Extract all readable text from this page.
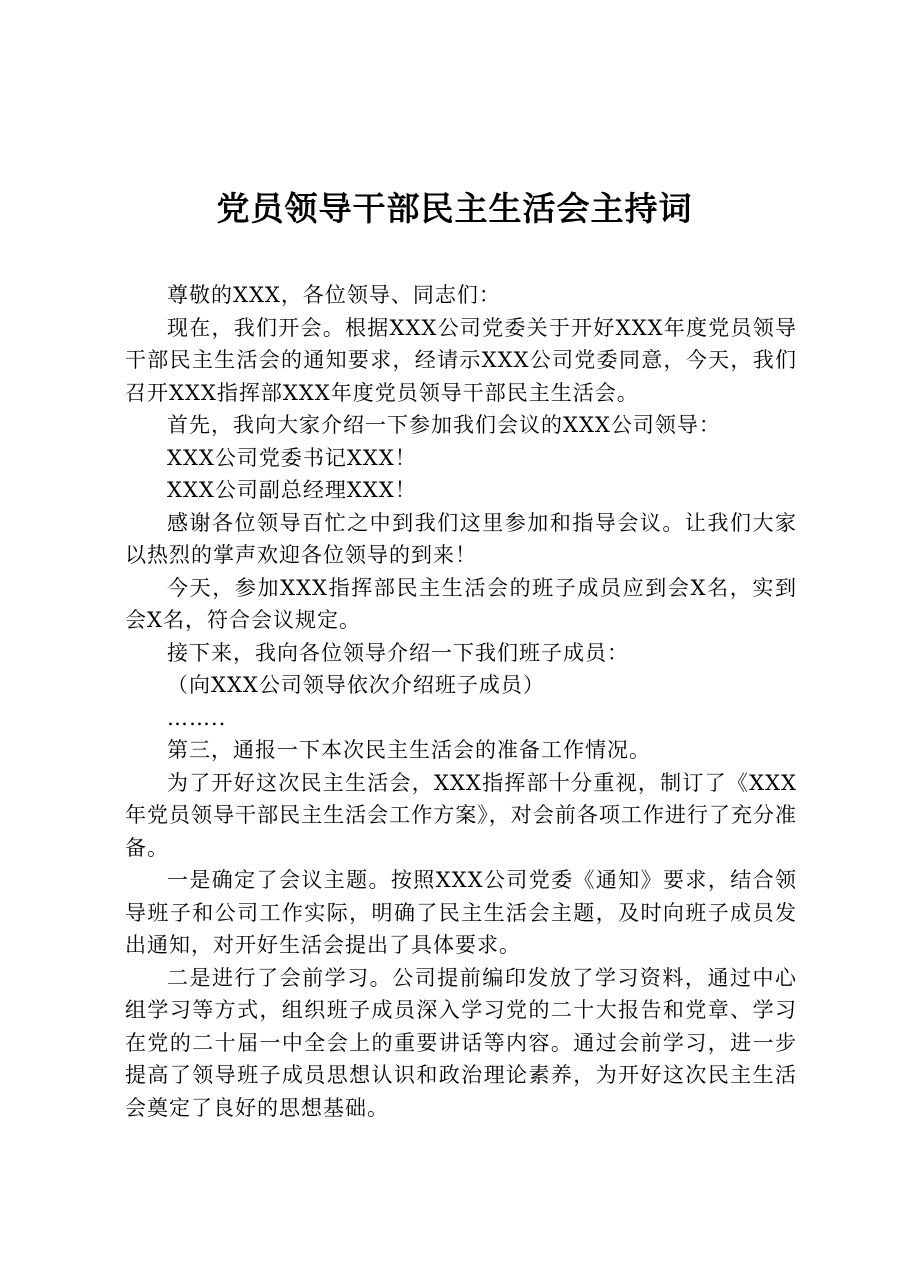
党员领导干部民主生活会主持词

尊敬的XXX，各位领导、同志们：

现在，我们开会。根据XXX公司党委关于开好XXX年度党员领导干部民主生活会的通知要求，经请示XXX公司党委同意，今天，我们召开XXX指挥部XXX年度党员领导干部民主生活会。

首先，我向大家介绍一下参加我们会议的XXX公司领导：

XXX公司党委书记XXX！

XXX公司副总经理XXX！

感谢各位领导百忙之中到我们这里参加和指导会议。让我们大家以热烈的掌声欢迎各位领导的到来！

今天，参加XXX指挥部民主生活会的班子成员应到会X名，实到会X名，符合会议规定。

接下来，我向各位领导介绍一下我们班子成员：

（向XXX公司领导依次介绍班子成员）

……..

第三，通报一下本次民主生活会的准备工作情况。

为了开好这次民主生活会，XXX指挥部十分重视，制订了《XXX年党员领导干部民主生活会工作方案》，对会前各项工作进行了充分准备。

一是确定了会议主题。按照XXX公司党委《通知》要求，结合领导班子和公司工作实际，明确了民主生活会主题，及时向班子成员发出通知，对开好生活会提出了具体要求。

二是进行了会前学习。公司提前编印发放了学习资料，通过中心组学习等方式，组织班子成员深入学习党的二十大报告和党章、学习在党的二十届一中全会上的重要讲话等内容。通过会前学习，进一步提高了领导班子成员思想认识和政治理论素养，为开好这次民主生活会奠定了良好的思想基础。
